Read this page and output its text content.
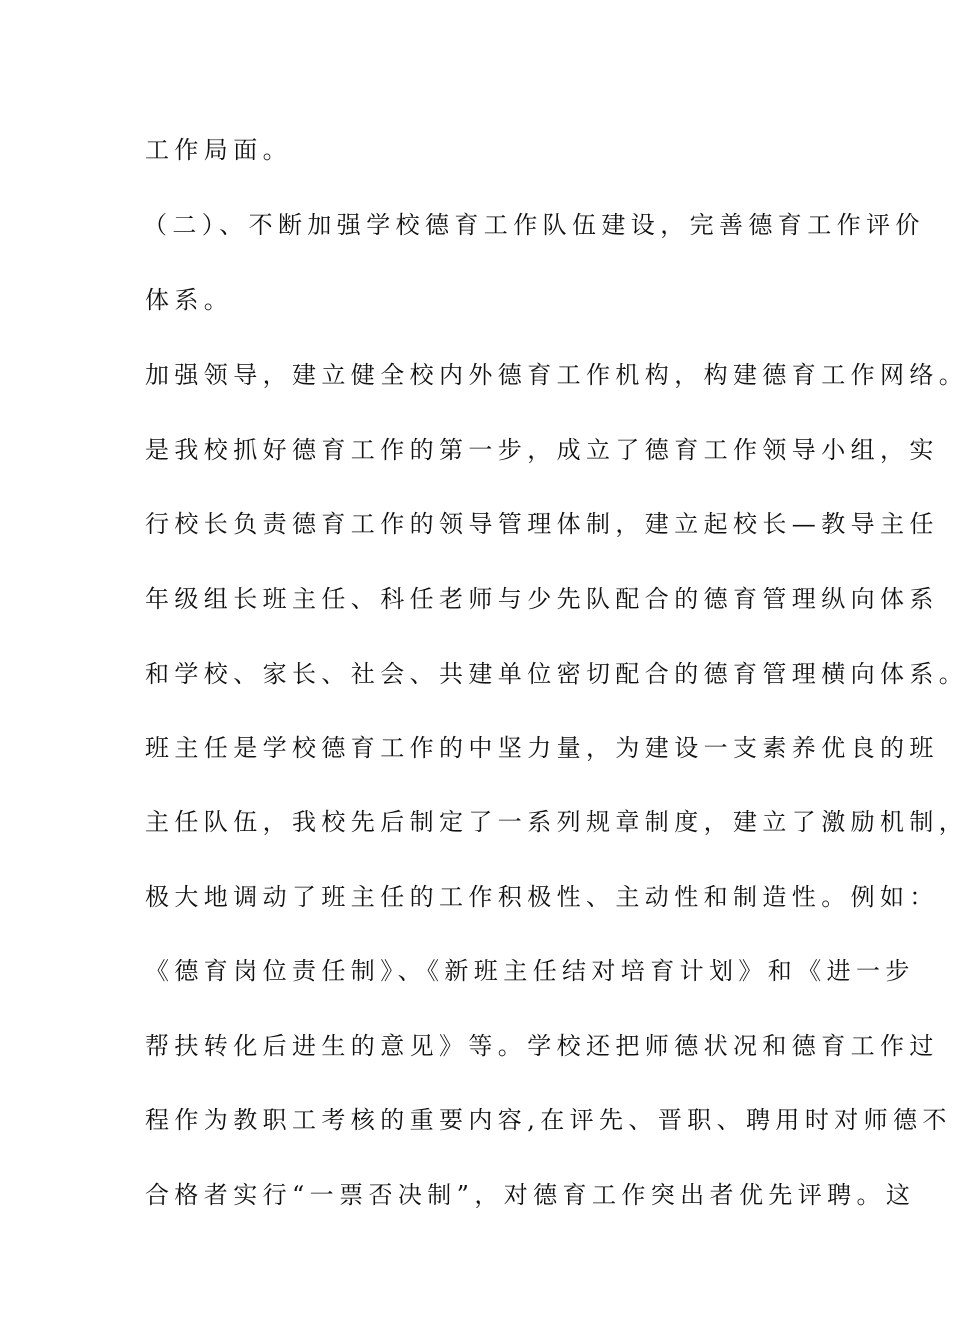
工作局面。
（二）、不断加强学校德育工作队伍建设，完善德育工作评价
体系。
加强领导，建立健全校内外德育工作机构，构建德育工作网络。
是我校抓好德育工作的第一步，成立了德育工作领导小组，实
行校长负责德育工作的领导管理体制，建立起校长—教导主任
年级组长班主任、科任老师与少先队配合的德育管理纵向体系
和学校、家长、社会、共建单位密切配合的德育管理横向体系。
班主任是学校德育工作的中坚力量，为建设一支素养优良的班
主任队伍，我校先后制定了一系列规章制度，建立了激励机制，
极大地调动了班主任的工作积极性、主动性和制造性。例如：
《德育岗位责任制》、《新班主任结对培育计划》和《进一步
帮扶转化后进生的意见》等。学校还把师德状况和德育工作过
程作为教职工考核的重要内容,在评先、晋职、聘用时对师德不
合格者实行“一票否决制”，对德育工作突出者优先评聘。这
